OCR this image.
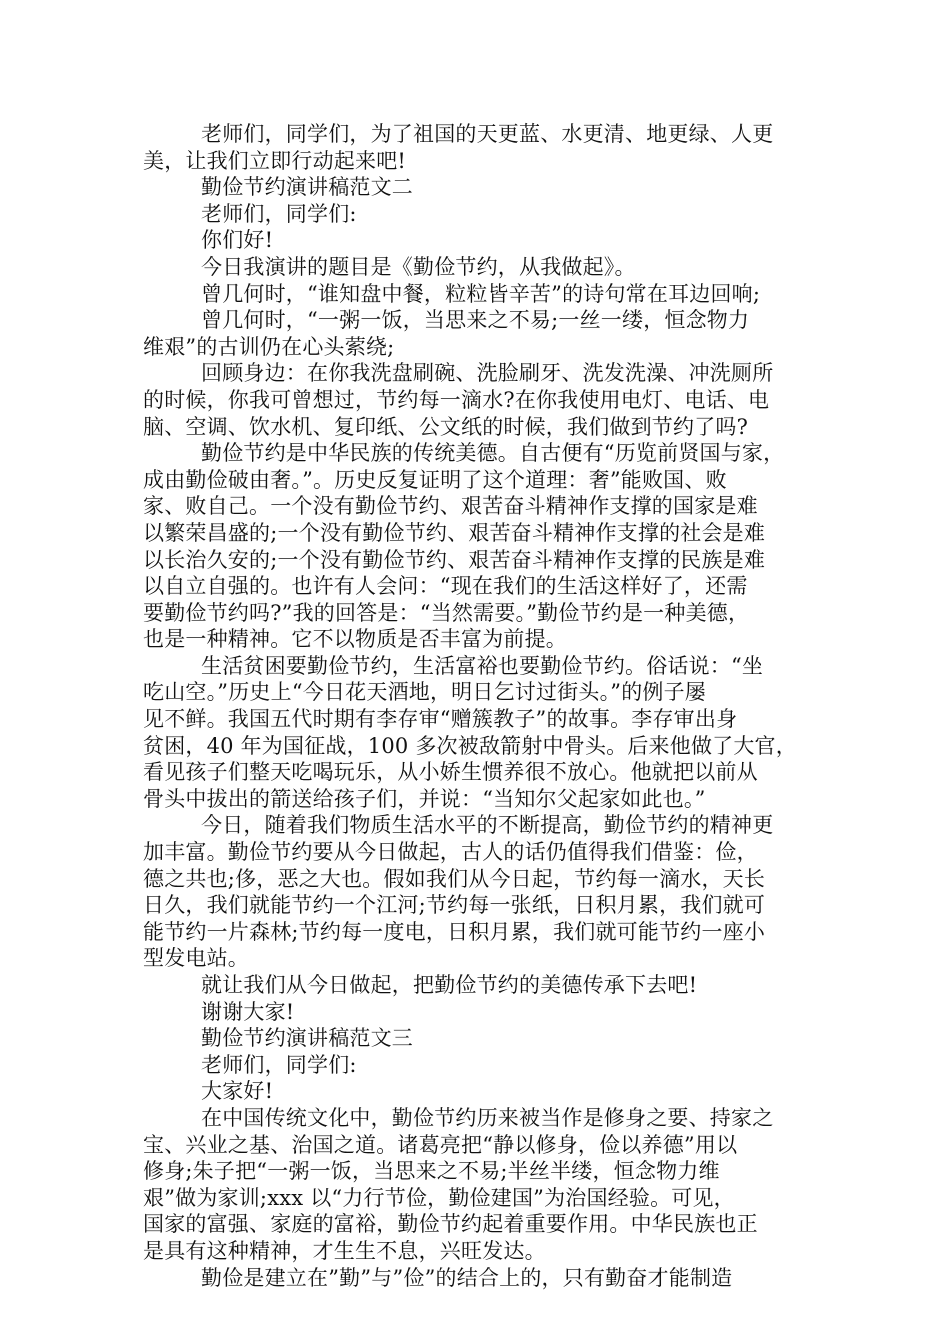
老师们，同学们，为了祖国的天更蓝、水更清、地更绿、人更
美，让我们立即行动起来吧!
勤俭节约演讲稿范文二
老师们，同学们:
你们好!
今日我演讲的题目是《勤俭节约，从我做起》。
曾几何时，“谁知盘中餐，粒粒皆辛苦”的诗句常在耳边回响;
曾几何时，“一粥一饭，当思来之不易;一丝一缕，恒念物力
维艰”的古训仍在心头萦绕;
回顾身边：在你我洗盘刷碗、洗脸刷牙、洗发洗澡、冲洗厕所
的时候，你我可曾想过，节约每一滴水?在你我使用电灯、电话、电
脑、空调、饮水机、复印纸、公文纸的时候，我们做到节约了吗?
勤俭节约是中华民族的传统美德。自古便有“历览前贤国与家，
成由勤俭破由奢。”。历史反复证明了这个道理：奢”能败国、败
家、败自己。一个没有勤俭节约、艰苦奋斗精神作支撑的国家是难
以繁荣昌盛的;一个没有勤俭节约、艰苦奋斗精神作支撑的社会是难
以长治久安的;一个没有勤俭节约、艰苦奋斗精神作支撑的民族是难
以自立自强的。也许有人会问：“现在我们的生活这样好了，还需
要勤俭节约吗?”我的回答是：“当然需要。”勤俭节约是一种美德，
也是一种精神。它不以物质是否丰富为前提。
生活贫困要勤俭节约，生活富裕也要勤俭节约。俗话说：“坐
吃山空。”历史上“今日花天酒地，明日乞讨过街头。”的例子屡
见不鲜。我国五代时期有李存审“赠簇教子”的故事。李存审出身
贫困，40 年为国征战，100 多次被敌箭射中骨头。后来他做了大官，
看见孩子们整天吃喝玩乐，从小娇生惯养很不放心。他就把以前从
骨头中拔出的箭送给孩子们，并说：“当知尔父起家如此也。”
今日，随着我们物质生活水平的不断提高，勤俭节约的精神更
加丰富。勤俭节约要从今日做起，古人的话仍值得我们借鉴：俭，
德之共也;侈，恶之大也。假如我们从今日起，节约每一滴水，天长
日久，我们就能节约一个江河;节约每一张纸，日积月累，我们就可
能节约一片森林;节约每一度电，日积月累，我们就可能节约一座小
型发电站。
就让我们从今日做起，把勤俭节约的美德传承下去吧!
谢谢大家!
勤俭节约演讲稿范文三
老师们，同学们:
大家好!
在中国传统文化中，勤俭节约历来被当作是修身之要、持家之
宝、兴业之基、治国之道。诸葛亮把“静以修身，俭以养德”用以
修身;朱子把“一粥一饭，当思来之不易;半丝半缕，恒念物力维
艰”做为家训;xxx 以“力行节俭，勤俭建国”为治国经验。可见，
国家的富强、家庭的富裕，勤俭节约起着重要作用。中华民族也正
是具有这种精神，才生生不息，兴旺发达。
勤俭是建立在”勤”与”俭”的结合上的，只有勤奋才能制造
